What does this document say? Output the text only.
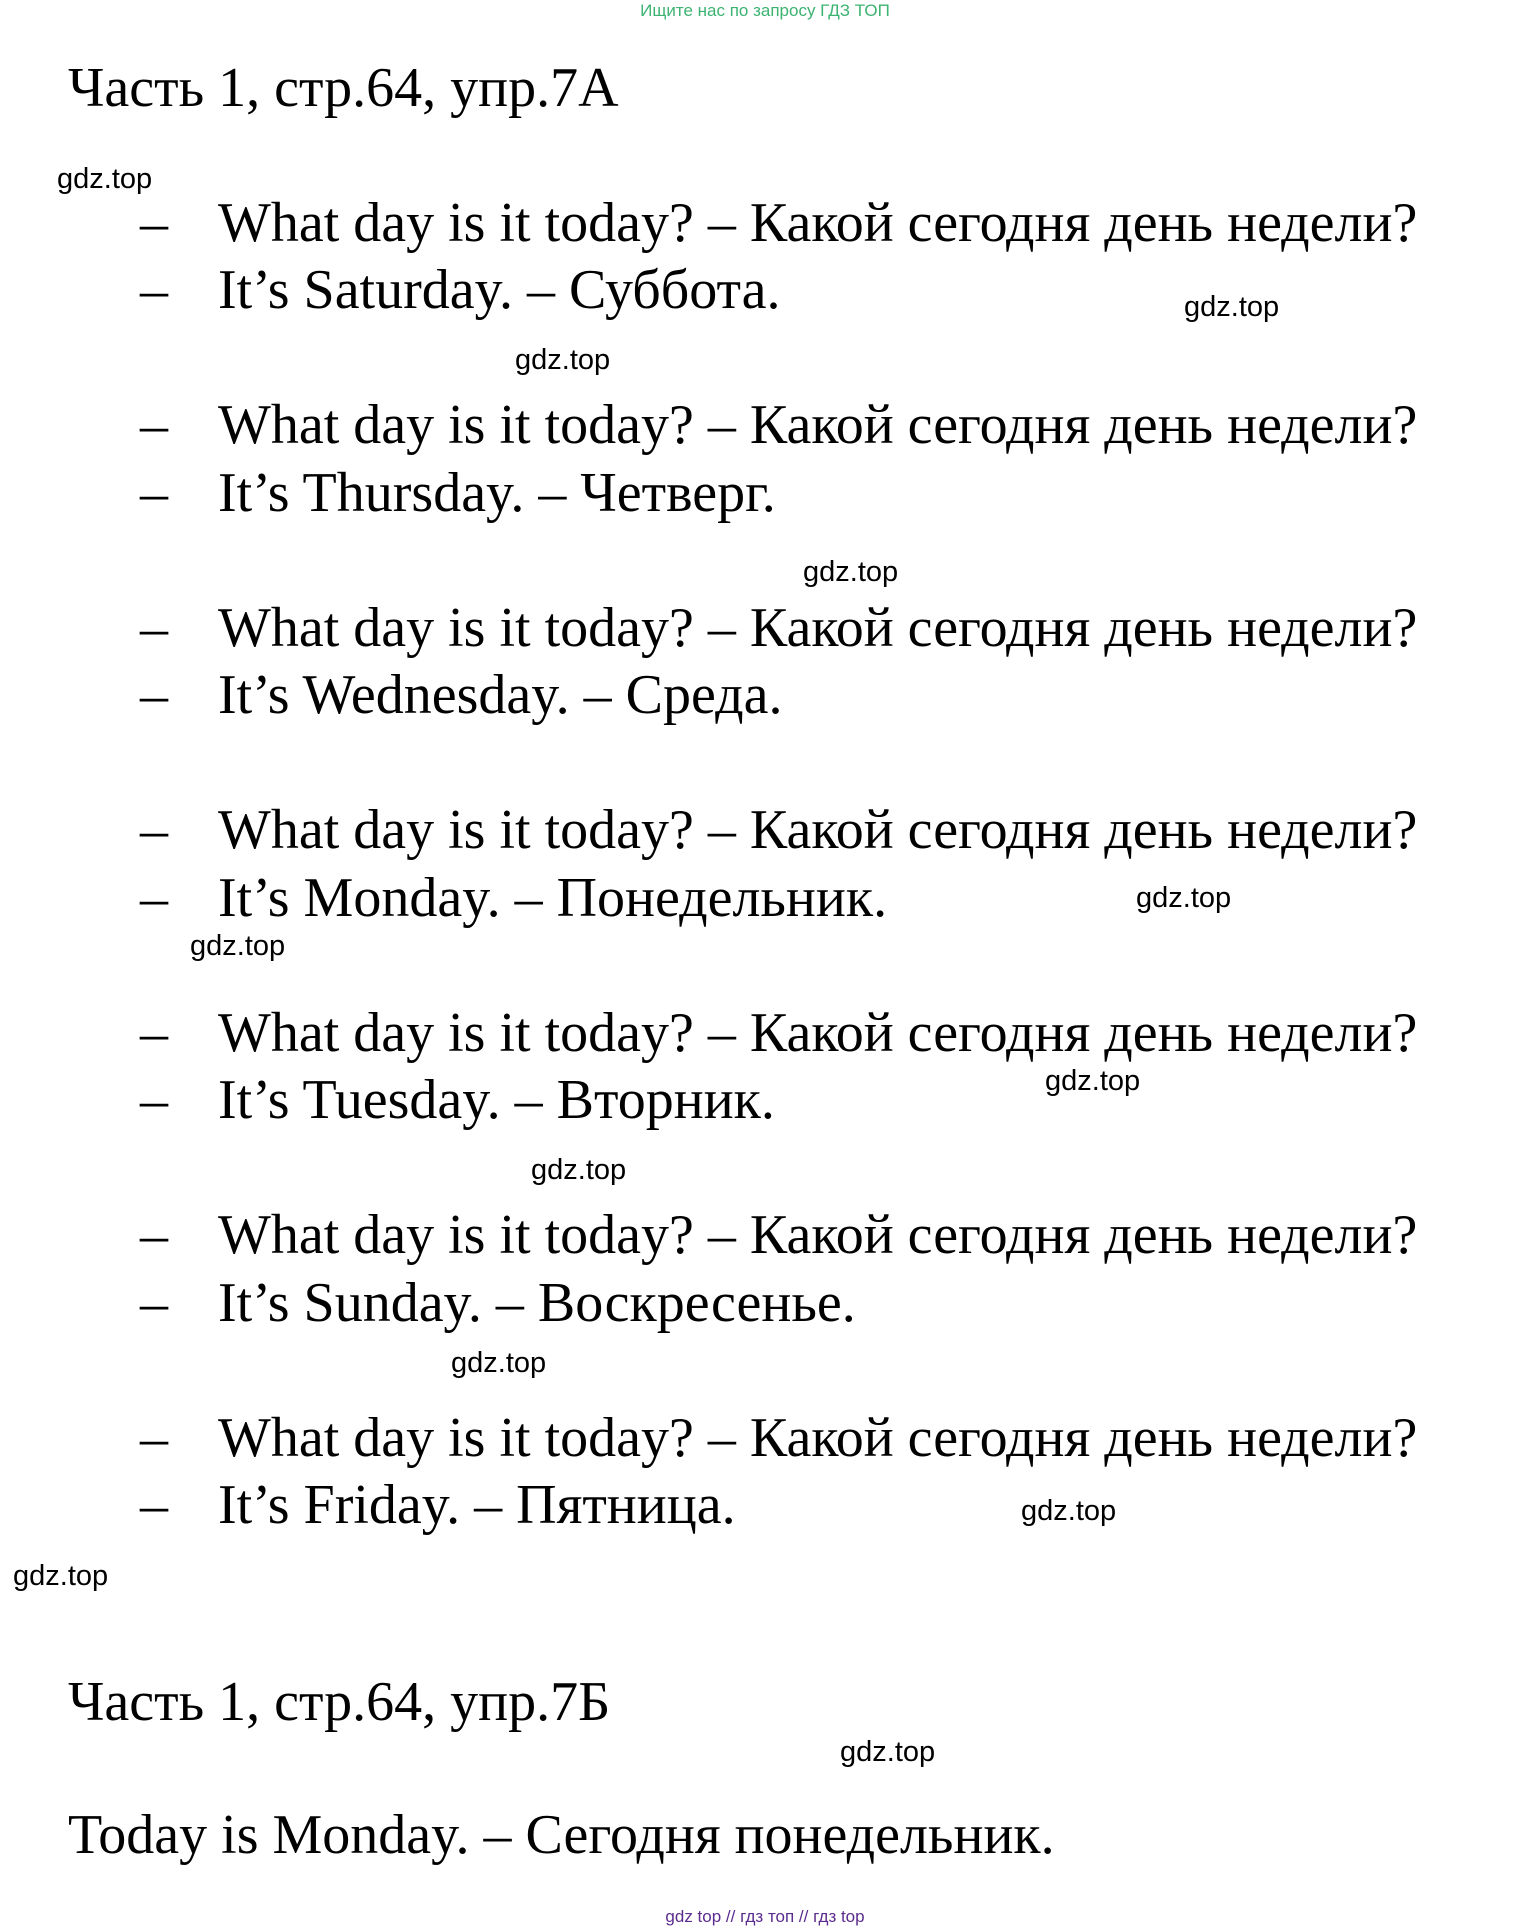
Ищите нас по запросу ГДЗ ТОП
Часть 1, стр.64, упр.7А
– What day is it today? – Какой сегодня день недели?
– It’s Saturday. – Суббота.
– What day is it today? – Какой сегодня день недели?
– It’s Thursday. – Четверг.
– What day is it today? – Какой сегодня день недели?
– It’s Wednesday. – Среда.
– What day is it today? – Какой сегодня день недели?
– It’s Monday. – Понедельник.
– What day is it today? – Какой сегодня день недели?
– It’s Tuesday. – Вторник.
– What day is it today? – Какой сегодня день недели?
– It’s Sunday. – Воскресенье.
– What day is it today? – Какой сегодня день недели?
– It’s Friday. – Пятница.
Часть 1, стр.64, упр.7Б
Today is Monday. – Сегодня понедельник.
gdz.top
gdz.top
gdz.top
gdz.top
gdz.top
gdz.top
gdz.top
gdz.top
gdz.top
gdz.top
gdz.top
gdz.top
gdz top // гдз топ // гдз top
